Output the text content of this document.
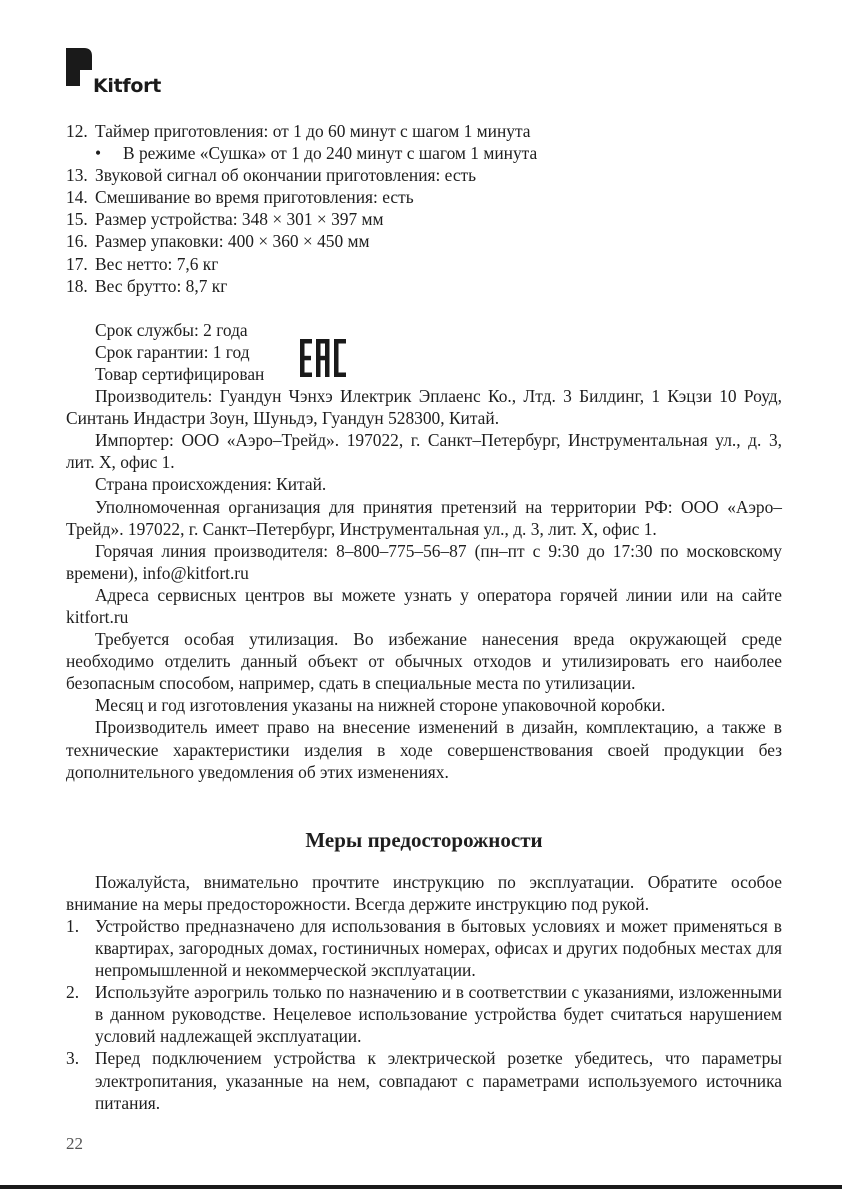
Kitfort
12. Таймер приготовления: от 1 до 60 минут с шагом 1 минута
•	В режиме «Сушка» от 1 до 240 минут с шагом 1 минута
13. Звуковой сигнал об окончании приготовления: есть
14. Смешивание во время приготовления: есть
15. Размер устройства: 348 × 301 × 397 мм
16. Размер упаковки: 400 × 360 × 450 мм
17. Вес нетто: 7,6 кг
18. Вес брутто: 8,7 кг
Срок службы: 2 года
Срок гарантии: 1 год
Товар сертифицирован

Производитель: Гуандун Чэнхэ Илектрик Эплаенс Ко., Лтд. 3 Билдинг, 1 Кэцзи 10 Роуд, Синтань Индастри Зоун, Шуньдэ, Гуандун 528300, Китай.

Импортер: ООО «Аэро–Трейд». 197022, г. Санкт–Петербург, Инструментальная ул., д. 3, лит. Х, офис 1.

Страна происхождения: Китай.

Уполномоченная организация для принятия претензий на территории РФ: ООО «Аэро–Трейд». 197022, г. Санкт–Петербург, Инструментальная ул., д. 3, лит. Х, офис 1.

Горячая линия производителя: 8–800–775–56–87 (пн–пт с 9:30 до 17:30 по московскому времени), info@kitfort.ru

Адреса сервисных центров вы можете узнать у оператора горячей линии или на сайте kitfort.ru

Требуется особая утилизация. Во избежание нанесения вреда окружающей среде необходимо отделить данный объект от обычных отходов и утилизировать его наиболее безопасным способом, например, сдать в специальные места по утилизации.

Месяц и год изготовления указаны на нижней стороне упаковочной коробки.

Производитель имеет право на внесение изменений в дизайн, комплектацию, а также в технические характеристики изделия в ходе совершенствования своей продукции без дополнительного уведомления об этих изменениях.

Меры предосторожности

Пожалуйста, внимательно прочтите инструкцию по эксплуатации. Обратите особое внимание на меры предосторожности. Всегда держите инструкцию под рукой.

1. Устройство предназначено для использования в бытовых условиях и может применяться в квартирах, загородных домах, гостиничных номерах, офисах и других подобных местах для непромышленной и некоммерческой эксплуатации.
2. Используйте аэрогриль только по назначению и в соответствии с указаниями, изложенными в данном руководстве. Нецелевое использование устройства будет считаться нарушением условий надлежащей эксплуатации.
3. Перед подключением устройства к электрической розетке убедитесь, что параметры электропитания, указанные на нем, совпадают с параметрами используемого источника питания.
22
